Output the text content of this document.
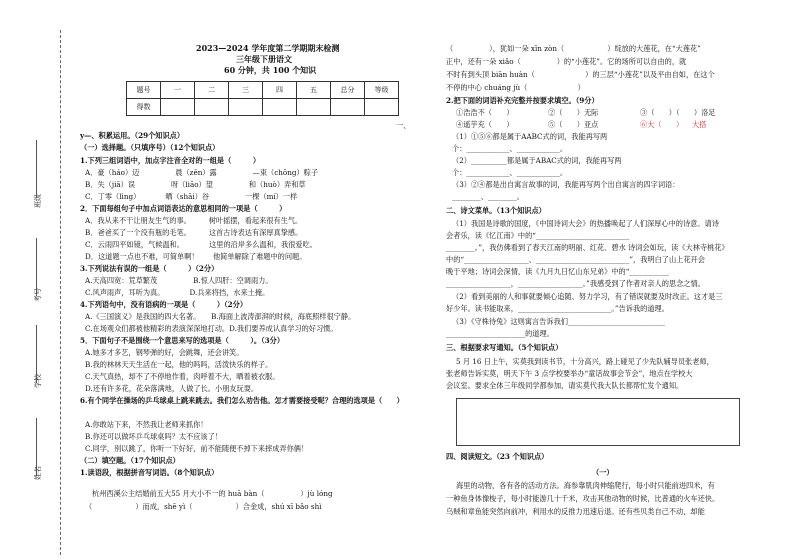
班级
考号
学校
姓名
2023—2024 学年度第二学期期末检测
三年级下册语文
60 分钟，共 100 个知识
题号	一	二	三	四	五	总分	等级
得数							
一、
y—、积累运用。（29个知识点）
（一）选择题。（只填序号）（12个知识点）
1.下列三组词语中，加点字注音全对的一组是（　　　）
A．豪（háo）迈　　　　　晨（zěn）露　　　　　—束（chōng）粽子
B．失（jiā）误　　　　　呀（liāo）望　　　　　和（huò）弄和草
C．丁零（lìng）　　　　晒（shāi）谷　　　　　一棵（mí）一样
2．下面每组句子中加点词语表达的意思相同的一项是（　　　）
A．我从来不干让朋友生气的事。　　　树叶摇摆，看起来很有生气。
B．爸爸买了一个没有瓶的毛笔。　　　这首古诗表达有深厚真挚感。
C．云雨四平如镜，气候温和。　　　　这里的沿岸多么温和，我很爱吃。
D．这道题一点也不难，可简单啊！　　他简单解除了难题中的问题。
3.下列说法有误的一组是（　　　）（2分）
A.天高四宽：荒草繁茂　　　　　B.惊人四肝：空调雨力。
C.风声雨声，耳听为真。　　　　D.兵来将挡，水来土掩。
4.下列语句中，没有语病的一项是（　　　）（2分）
A.《三国演义》是我国的四大名著。　　B.海面上波涛澎湃的时候，海底照样很宁静。
C.在场观众们都被他精彩的表演深深地打动。D.我们要养成认真学习的好习惯。
5．下面句子不是围绕一个意思来写的选项是（　　　）。（3分）
A.她多才多艺，钢琴弹的好，会跳舞，还会讲笑。
B.我的林林天天生活在一起，他的吗吗，活泼快乐的样子。
C.天气真热，却不了不停地作着，肉呼着不大，晒着被衣服。
D.还有许多花，花朵落满地，人做了长。小朋友玩耍。
6.有个同学在操场的乒乓球桌上跳来跳去。我们怎么劝告他。怎才需要接受呢？合理的选项是（　　）
A.你敢站下来，不然我让老师来抓你！
B.你还可以做坏乒乓球桌吗？太不应该了！
C.同学，别以跳了，你听一下好好，前不能随便不掉下来摔成弄你俩！
（二）填空题。（17个知识点）
1.读语段，根据拼音写词语。（8个知识点）
杭州西溪公主结婚前五大55 月大小不一的 huā bàn（　　　　　）jù lóng
（　　　　　　）而成，shē yì（　　　　　　）合金成，shú xī bǎo shì
（　　　　　），犹如一朵 xīn zòn（　　　　　　）绽放的大莲花，在“大莲花”
正中，还有一朵 xiǎo（　　　　　）的“小莲花”。它的场所可以自由的，就
不时有到头顶 biān huàn（　　　　　　　）的三层“小莲花”以及平由自如，在这个
不停的中心 chuáng jù（　　　　　　　）
2.把下面的词语补充完整并按要求填空。（9分）
①浩浩不（　　）	②（　　）无际	③（　　）（　　）洛足
④遥芋充（　　）	⑤（　　）亚点	⑥大（　　） 大搭
（1）①⑤⑥都是属于AABC式的词，我能再写两
个：____________、____________。
（2）__________都是属于ABAC式的词，我能再写两
个：____________、____________。
（3）②④都是出自寓言故事的词，我能再写两个出自寓言的四字词语：
________、________。
二、诗文菜单。（13个知识点）
（1）我国是诗歌的国度，《中国诗词大会》的热播唤起了人们深厚心中的诗意。请诗
会者乐，读《忆江南》中的“__________________________
________。”，我仿佛看到了春天江南的明丽、红花、碧水 诗词会如玩，读《大林寺桃花》
中的“__________________、__________________________”，我明白了山上花开会
晚于平地；诗词会深情，读《九月九日忆山东兄弟》中的“___________
__________________，__________________。”我感受到了作者对亲人的思念之情。
（2）看到美丽的人和事就要倾心追随、努力学习，有了错误就要及时改正。这才是三
好少年。读书能取来，__________________________。”告诉我的道理。
（3）《守株待兔》这则寓言告诉我们___________________________
______________________的道理。
三、根据要求写通知。（5个知识点）
5 月 16 日上午，实莫我到读书节，十分高兴，路上碰见了少先队辅导员张老师，
张老师告诉实莫，明天下午 3 点学校要举办“童话故事会节会”，地点在学校大
会议室。要求全体三年级同学都参加，请实莫代我大队长都帮忙发个通知。
四、阅读短文。（23 个知识点）
（一）
海里的动物，各有各的活动方法。海参靠肌肉伸缩爬行，每小时只能前进四米，有
一种鱼身体像梭子，每小时能游几十千米，攻击其他动物的时候，比普通的火车还快。
乌贼和章鱼能突然向前冲，利用水的反推力迅速后退。还有些贝类自己不动，却能
